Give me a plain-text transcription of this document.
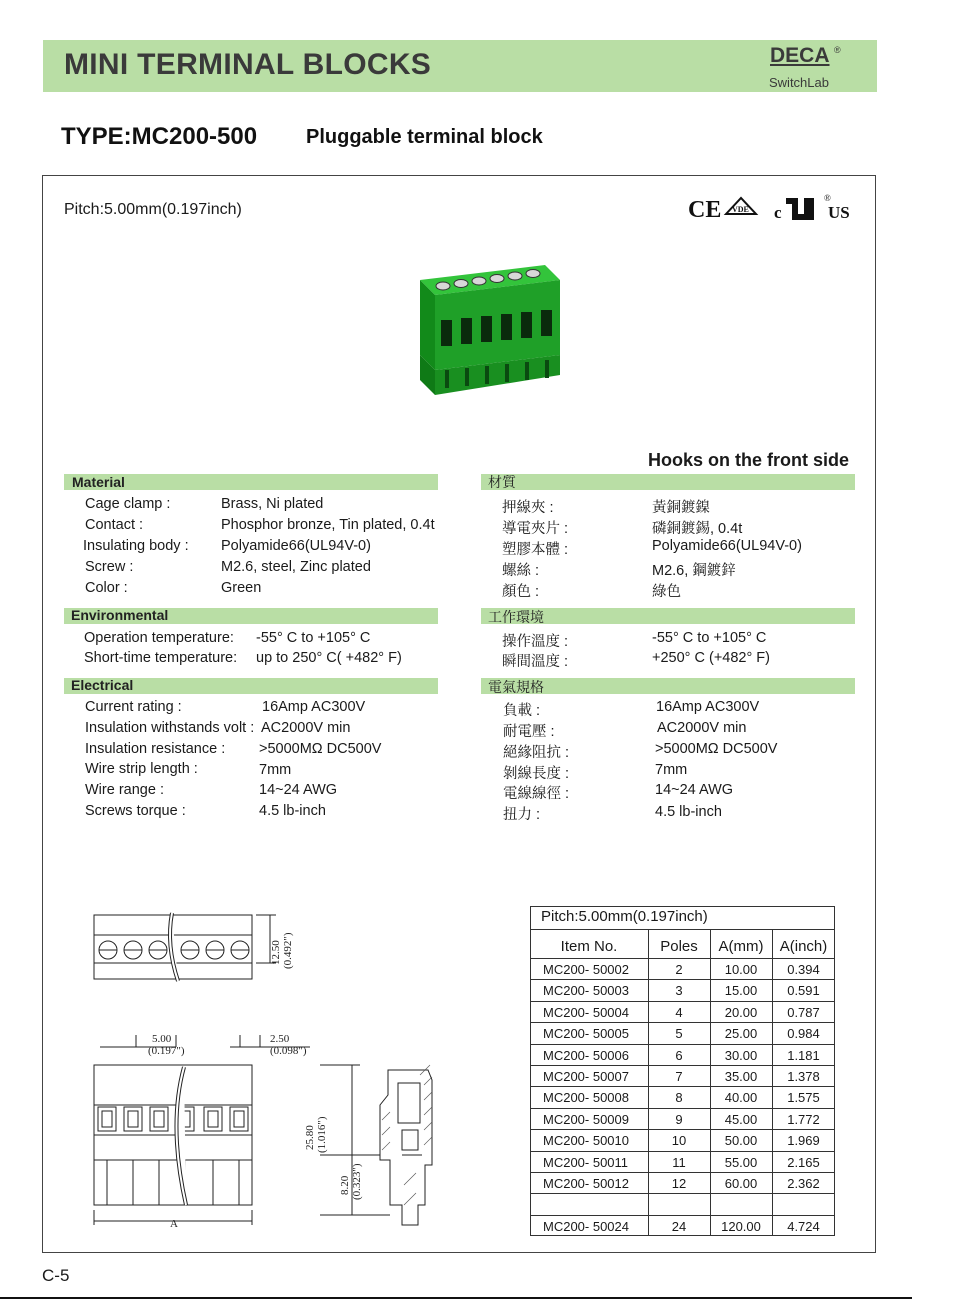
MINI TERMINAL BLOCKS	DECA ®
SwitchLab
TYPE:MC200-500 Pluggable terminal block
Pitch:5.00mm(0.197inch)	CE VDE c
®
US
Hooks on the front side
Material	材質
Environmental	工作環境
Electrical	電氣規格
Cage clamp :	Brass, Ni plated	押線夾 :	黃銅鍍鎳
Contact :	Phosphor bronze, Tin plated, 0.4t	導電夾片 :	磷銅鍍錫, 0.4t
Insulating body : Polyamide66(UL94V-0)	塑膠本體 :	Polyamide66(UL94V-0)
Screw :	M2.6, steel, Zinc plated	螺絲 :	M2.6, 鋼鍍鋅
Color :	Green	顏色 :	綠色
Operation temperature: -55° C to +105° C	操作溫度 :	-55° C to +105° C
Short-time temperature: up to 250° C( +482° F)	瞬間溫度 :	+250° C (+482° F)
Current rating :	16Amp AC300V	負載 :	16Amp AC300V
Insulation withstands volt : AC2000V min	耐電壓 :	AC2000V min
Insulation resistance : >5000MΩ DC500V	絕緣阻抗 :	>5000MΩ DC500V
Wire strip length :	7mm	剝線長度 :	7mm
Wire range :	14~24 AWG	電線線徑 :	14~24 AWG
Screws torque :	4.5 lb-inch	扭力 :	4.5 lb-inch
12.50 (0.492")
5.00
(0.197")
2.50
(0.098")
A
25.80 (1.016")
8.20 (0.323")
Pitch:5.00mm(0.197inch)
Item No.	Poles	A(mm)	A(inch)
MC200- 50002	2	10.00	0.394
MC200- 50003	3	15.00	0.591
MC200- 50004	4	20.00	0.787
MC200- 50005	5	25.00	0.984
MC200- 50006	6	30.00	1.181
MC200- 50007	7	35.00	1.378
MC200- 50008	8	40.00	1.575
MC200- 50009	9	45.00	1.772
MC200- 50010	10	50.00	1.969
MC200- 50011	11	55.00	2.165
MC200- 50012	12	60.00	2.362
MC200- 50024	24	120.00	4.724
C-5
